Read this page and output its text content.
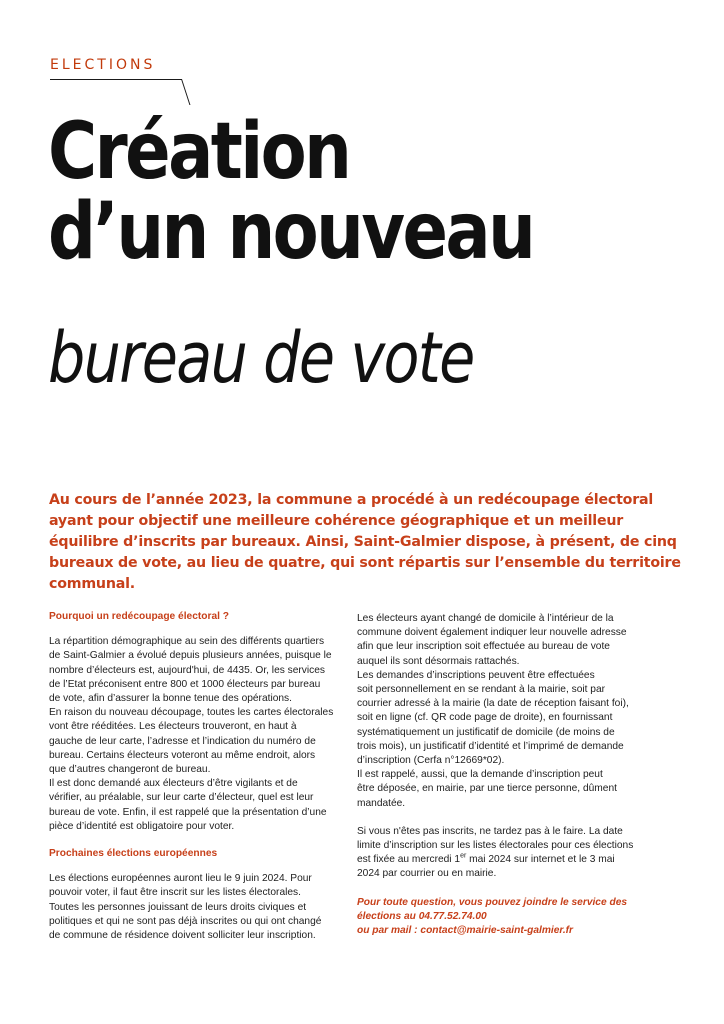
ELECTIONS
Création
d’un nouveau
bureau de vote

Au cours de l’année 2023, la commune a procédé à un redécoupage électoral ayant pour objectif une meilleure cohérence géographique et un meilleur équilibre d’inscrits par bureaux. Ainsi, Saint-Galmier dispose, à présent, de cinq bureaux de vote, au lieu de quatre, qui sont répartis sur l’ensemble du territoire communal.

Pourquoi un redécoupage électoral ?

La répartition démographique au sein des différents quartiers
de Saint-Galmier a évolué depuis plusieurs années, puisque le
nombre d’électeurs est, aujourd'hui, de 4435. Or, les services
de l’Etat préconisent entre 800 et 1000 électeurs par bureau
de vote, afin d’assurer la bonne tenue des opérations.
En raison du nouveau découpage, toutes les cartes électorales
vont être rééditées. Les électeurs trouveront, en haut à
gauche de leur carte, l’adresse et l’indication du numéro de
bureau. Certains électeurs voteront au même endroit, alors
que d’autres changeront de bureau.
Il est donc demandé aux électeurs d’être vigilants et de
vérifier, au préalable, sur leur carte d’électeur, quel est leur
bureau de vote. Enfin, il est rappelé que la présentation d’une
pièce d’identité est obligatoire pour voter.

Prochaines élections européennes

Les élections européennes auront lieu le 9 juin 2024. Pour
pouvoir voter, il faut être inscrit sur les listes électorales.
Toutes les personnes jouissant de leurs droits civiques et
politiques et qui ne sont pas déjà inscrites ou qui ont changé
de commune de résidence doivent solliciter leur inscription.

Les électeurs ayant changé de domicile à l’intérieur de la
commune doivent également indiquer leur nouvelle adresse
afin que leur inscription soit effectuée au bureau de vote
auquel ils sont désormais rattachés.
Les demandes d’inscriptions peuvent être effectuées
soit personnellement en se rendant à la mairie, soit par
courrier adressé à la mairie (la date de réception faisant foi),
soit en ligne (cf. QR code page de droite), en fournissant
systématiquement un justificatif de domicile (de moins de
trois mois), un justificatif d’identité et l’imprimé de demande
d’inscription (Cerfa n°12669*02).
Il est rappelé, aussi, que la demande d’inscription peut
être déposée, en mairie, par une tierce personne, dûment
mandatée.

Si vous n'êtes pas inscrits, ne tardez pas à le faire. La date
limite d’inscription sur les listes électorales pour ces élections
est fixée au mercredi 1er mai 2024 sur internet et le 3 mai
2024 par courrier ou en mairie.

Pour toute question, vous pouvez joindre le service des
élections au 04.77.52.74.00
ou par mail : contact@mairie-saint-galmier.fr
